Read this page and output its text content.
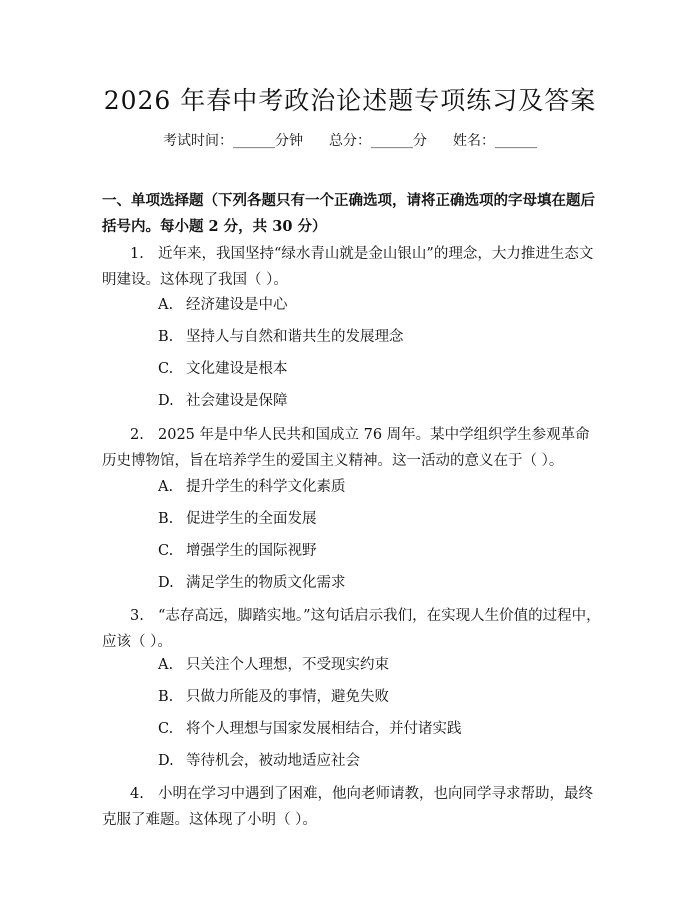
2026 年春中考政治论述题专项练习及答案
考试时间：______分钟 总分：______分 姓名：______
一、单项选择题（下列各题只有一个正确选项，请将正确选项的字母填在题后括号内。每小题 2 分，共 30 分）
1. 近年来，我国坚持“绿水青山就是金山银山”的理念，大力推进生态文明建设。这体现了我国（ ）。
A. 经济建设是中心
B. 坚持人与自然和谐共生的发展理念
C. 文化建设是根本
D. 社会建设是保障
2. 2025 年是中华人民共和国成立 76 周年。某中学组织学生参观革命历史博物馆，旨在培养学生的爱国主义精神。这一活动的意义在于（ ）。
A. 提升学生的科学文化素质
B. 促进学生的全面发展
C. 增强学生的国际视野
D. 满足学生的物质文化需求
3. “志存高远，脚踏实地。”这句话启示我们，在实现人生价值的过程中，应该（ ）。
A. 只关注个人理想，不受现实约束
B. 只做力所能及的事情，避免失败
C. 将个人理想与国家发展相结合，并付诸实践
D. 等待机会，被动地适应社会
4. 小明在学习中遇到了困难，他向老师请教，也向同学寻求帮助，最终克服了难题。这体现了小明（ ）。
